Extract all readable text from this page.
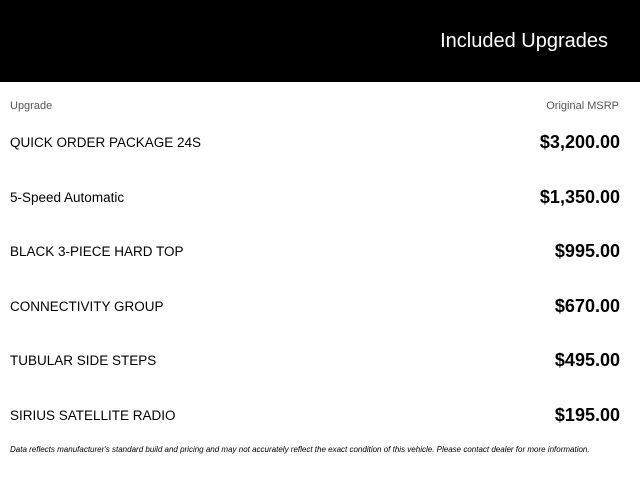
Included Upgrades
Upgrade	Original MSRP
QUICK ORDER PACKAGE 24S	$3,200.00
5-Speed Automatic	$1,350.00
BLACK 3-PIECE HARD TOP	$995.00
CONNECTIVITY GROUP	$670.00
TUBULAR SIDE STEPS	$495.00
SIRIUS SATELLITE RADIO	$195.00
Data reflects manufacturer's standard build and pricing and may not accurately reflect the exact condition of this vehicle. Please contact dealer for more information.
